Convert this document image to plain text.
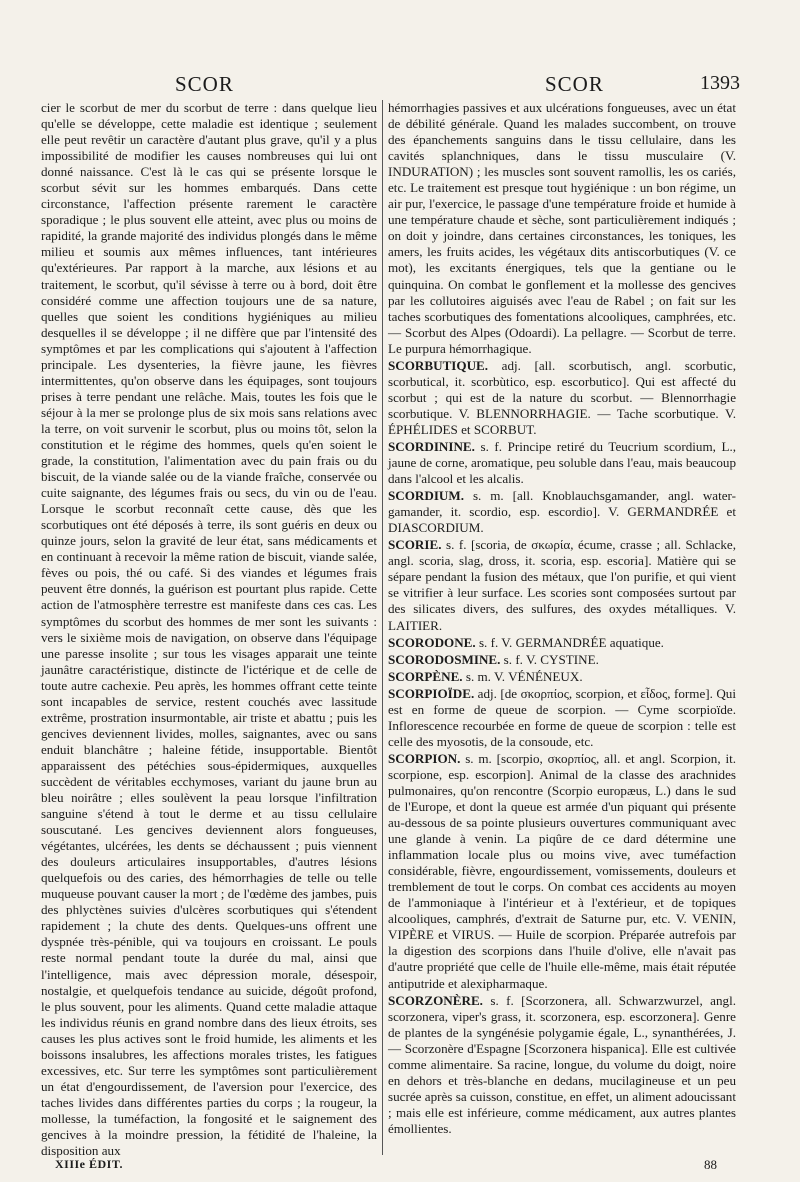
SCOR	SCOR	1393

cier le scorbut de mer du scorbut de terre : dans quelque lieu qu'elle se développe, cette maladie est identique ; seulement elle peut revêtir un caractère d'autant plus grave, qu'il y a plus impossibilité de modifier les causes nombreuses qui lui ont donné naissance. C'est là le cas qui se présente lorsque le scorbut sévit sur les hommes embarqués. Dans cette circonstance, l'affection présente rarement le caractère sporadique ; le plus souvent elle atteint, avec plus ou moins de rapidité, la grande majorité des individus plongés dans le même milieu et soumis aux mêmes influences, tant intérieures qu'extérieures. Par rapport à la marche, aux lésions et au traitement, le scorbut, qu'il sévisse à terre ou à bord, doit être considéré comme une affection toujours une de sa nature, quelles que soient les conditions hygiéniques au milieu desquelles il se développe ; il ne diffère que par l'intensité des symptômes et par les complications qui s'ajoutent à l'affection principale. Les dysenteries, la fièvre jaune, les fièvres intermittentes, qu'on observe dans les équipages, sont toujours prises à terre pendant une relâche. Mais, toutes les fois que le séjour à la mer se prolonge plus de six mois sans relations avec la terre, on voit survenir le scorbut, plus ou moins tôt, selon la constitution et le régime des hommes, quels qu'en soient le grade, la constitution, l'alimentation avec du pain frais ou du biscuit, de la viande salée ou de la viande fraîche, conservée ou cuite saignante, des légumes frais ou secs, du vin ou de l'eau. Lorsque le scorbut reconnaît cette cause, dès que les scorbutiques ont été déposés à terre, ils sont guéris en deux ou quinze jours, selon la gravité de leur état, sans médicaments et en continuant à recevoir la même ration de biscuit, viande salée, fèves ou pois, thé ou café. Si des viandes et légumes frais peuvent être donnés, la guérison est pourtant plus rapide. Cette action de l'atmosphère terrestre est manifeste dans ces cas. Les symptômes du scorbut des hommes de mer sont les suivants : vers le sixième mois de navigation, on observe dans l'équipage une paresse insolite ; sur tous les visages apparait une teinte jaunâtre caractéristique, distincte de l'ictérique et de celle de toute autre cachexie. Peu après, les hommes offrant cette teinte sont incapables de service, restent couchés avec lassitude extrême, prostration insurmontable, air triste et abattu ; puis les gencives deviennent livides, molles, saignantes, avec ou sans enduit blanchâtre ; haleine fétide, insupportable. Bientôt apparaissent des pétéchies sous-épidermiques, auxquelles succèdent de véritables ecchymoses, variant du jaune brun au bleu noirâtre ; elles soulèvent la peau lorsque l'infiltration sanguine s'étend à tout le derme et au tissu cellulaire souscutané. Les gencives deviennent alors fongueuses, végétantes, ulcérées, les dents se déchaussent ; puis viennent des douleurs articulaires insupportables, d'autres lésions quelquefois ou des caries, des hémorrhagies de telle ou telle muqueuse pouvant causer la mort ; de l'œdème des jambes, puis des phlyctènes suivies d'ulcères scorbutiques qui s'étendent rapidement ; la chute des dents. Quelques-uns offrent une dyspnée très-pénible, qui va toujours en croissant. Le pouls reste normal pendant toute la durée du mal, ainsi que l'intelligence, mais avec dépression morale, désespoir, nostalgie, et quelquefois tendance au suicide, dégoût profond, le plus souvent, pour les aliments. Quand cette maladie attaque les individus réunis en grand nombre dans des lieux étroits, ses causes les plus actives sont le froid humide, les aliments et les boissons insalubres, les affections morales tristes, les fatigues excessives, etc. Sur terre les symptômes sont particulièrement un état d'engourdissement, de l'aversion pour l'exercice, des taches livides dans différentes parties du corps ; la rougeur, la mollesse, la tuméfaction, la fongosité et le saignement des gencives à la moindre pression, la fétidité de l'haleine, la disposition aux

hémorrhagies passives et aux ulcérations fongueuses, avec un état de débilité générale. Quand les malades succombent, on trouve des épanchements sanguins dans le tissu cellulaire, dans les cavités splanchniques, dans le tissu musculaire (V. INDURATION) ; les muscles sont souvent ramollis, les os cariés, etc. Le traitement est presque tout hygiénique : un bon régime, un air pur, l'exercice, le passage d'une température froide et humide à une température chaude et sèche, sont particulièrement indiqués ; on doit y joindre, dans certaines circonstances, les toniques, les amers, les fruits acides, les végétaux dits antiscorbutiques (V. ce mot), les excitants énergiques, tels que la gentiane ou le quinquina. On combat le gonflement et la mollesse des gencives par les collutoires aiguisés avec l'eau de Rabel ; on fait sur les taches scorbutiques des fomentations alcooliques, camphrées, etc. — Scorbut des Alpes (Odoardi). La pellagre. — Scorbut de terre. Le purpura hémorrhagique.

SCORBUTIQUE. adj. [all. scorbutisch, angl. scorbutic, scorbutical, it. scorbùtico, esp. escorbutico]. Qui est affecté du scorbut ; qui est de la nature du scorbut. — Blennorrhagie scorbutique. V. BLENNORRHAGIE. — Tache scorbutique. V. ÉPHÉLIDES et SCORBUT.

SCORDININE. s. f. Principe retiré du Teucrium scordium, L., jaune de corne, aromatique, peu soluble dans l'eau, mais beaucoup dans l'alcool et les alcalis.

SCORDIUM. s. m. [all. Knoblauchsgamander, angl. water-gamander, it. scordio, esp. escordio]. V. GERMANDRÉE et DIASCORDIUM.

SCORIE. s. f. [scoria, de σκωρία, écume, crasse ; all. Schlacke, angl. scoria, slag, dross, it. scoria, esp. escoria]. Matière qui se sépare pendant la fusion des métaux, que l'on purifie, et qui vient se vitrifier à leur surface. Les scories sont composées surtout par des silicates divers, des sulfures, des oxydes métalliques. V. LAITIER.

SCORODONE. s. f. V. GERMANDRÉE aquatique.

SCORODOSMINE. s. f. V. CYSTINE.

SCORPÈNE. s. m. V. VÉNÉNEUX.

SCORPIOÏDE. adj. [de σκορπίος, scorpion, et εἶδος, forme]. Qui est en forme de queue de scorpion. — Cyme scorpioïde. Inflorescence recourbée en forme de queue de scorpion : telle est celle des myosotis, de la consoude, etc.

SCORPION. s. m. [scorpio, σκορπίος, all. et angl. Scorpion, it. scorpione, esp. escorpion]. Animal de la classe des arachnides pulmonaires, qu'on rencontre (Scorpio europæus, L.) dans le sud de l'Europe, et dont la queue est armée d'un piquant qui présente au-dessous de sa pointe plusieurs ouvertures communiquant avec une glande à venin. La piqûre de ce dard détermine une inflammation locale plus ou moins vive, avec tuméfaction considérable, fièvre, engourdissement, vomissements, douleurs et tremblement de tout le corps. On combat ces accidents au moyen de l'ammoniaque à l'intérieur et à l'extérieur, et de topiques alcooliques, camphrés, d'extrait de Saturne pur, etc. V. VENIN, VIPÈRE et VIRUS. — Huile de scorpion. Préparée autrefois par la digestion des scorpions dans l'huile d'olive, elle n'avait pas d'autre propriété que celle de l'huile elle-même, mais était réputée antiputride et alexipharmaque.

SCORZONÈRE. s. f. [Scorzonera, all. Schwarzwurzel, angl. scorzonera, viper's grass, it. scorzonera, esp. escorzonera]. Genre de plantes de la syngénésie polygamie égale, L., synanthérées, J. — Scorzonère d'Espagne [Scorzonera hispanica]. Elle est cultivée comme alimentaire. Sa racine, longue, du volume du doigt, noire en dehors et très-blanche en dedans, mucilagineuse et un peu sucrée après sa cuisson, constitue, en effet, un aliment adoucissant ; mais elle est inférieure, comme médicament, aux autres plantes émollientes.

XIIIe ÉDIT.	88
